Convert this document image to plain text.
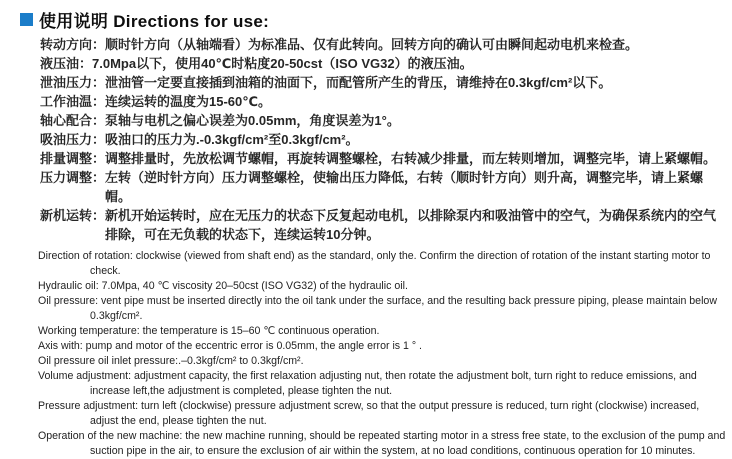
使用说明 Directions for use:
转动方向： 顺时针方向（从轴端看）为标准品、仅有此转向。回转方向的确认可由瞬间起动电机来检查。
液压油： 7.0Mpa以下，使用40℃时粘度20-50cst（ISO VG32）的液压油。
泄油压力： 泄油管一定要直接插到油箱的油面下，而配管所产生的背压，请维持在0.3kgf/cm²以下。
工作油温： 连续运转的温度为15-60℃。
轴心配合： 泵轴与电机之偏心误差为0.05mm，角度误差为1°。
吸油压力： 吸油口的压力为.-0.3kgf/cm²至0.3kgf/cm²。
排量调整： 调整排量时，先放松调节螺帽，再旋转调整螺栓，右转减少排量，而左转则增加，调整完毕，请上紧螺帽。
压力调整： 左转（逆时针方向）压力调整螺栓，使输出压力降低，右转（顺时针方向）则升高，调整完毕，请上紧螺帽。
新机运转： 新机开始运转时，应在无压力的状态下反复起动电机，以排除泵内和吸油管中的空气，为确保系统内的空气排除，可在无负载的状态下，连续运转10分钟。
Direction of rotation: clockwise (viewed from shaft end) as the standard, only the. Confirm the direction of rotation of the instant starting motor to check.
Hydraulic oil: 7.0Mpa, 40 ℃ viscosity 20–50cst (ISO VG32) of the hydraulic oil.
Oil pressure: vent pipe must be inserted directly into the oil tank under the surface, and the resulting back pressure piping, please maintain below 0.3kgf/cm².
Working temperature: the temperature is 15–60 ℃ continuous operation.
Axis with: pump and motor of the eccentric error is 0.05mm, the angle error is 1 ° .
Oil pressure oil inlet pressure:.–0.3kgf/cm² to 0.3kgf/cm².
Volume adjustment: adjustment capacity, the first relaxation adjusting nut, then rotate the adjustment bolt, turn right to reduce emissions, and increase left,the adjustment is completed, please tighten the nut.
Pressure adjustment: turn left (clockwise) pressure adjustment screw, so that the output pressure is reduced, turn right (clockwise) increased, adjust the end, please tighten the nut.
Operation of the new machine: the new machine running, should be repeated starting motor in a stress free state, to the exclusion of the pump and suction pipe in the air, to ensure the exclusion of air within the system, at no load conditions, continuous operation for 10 minutes.
